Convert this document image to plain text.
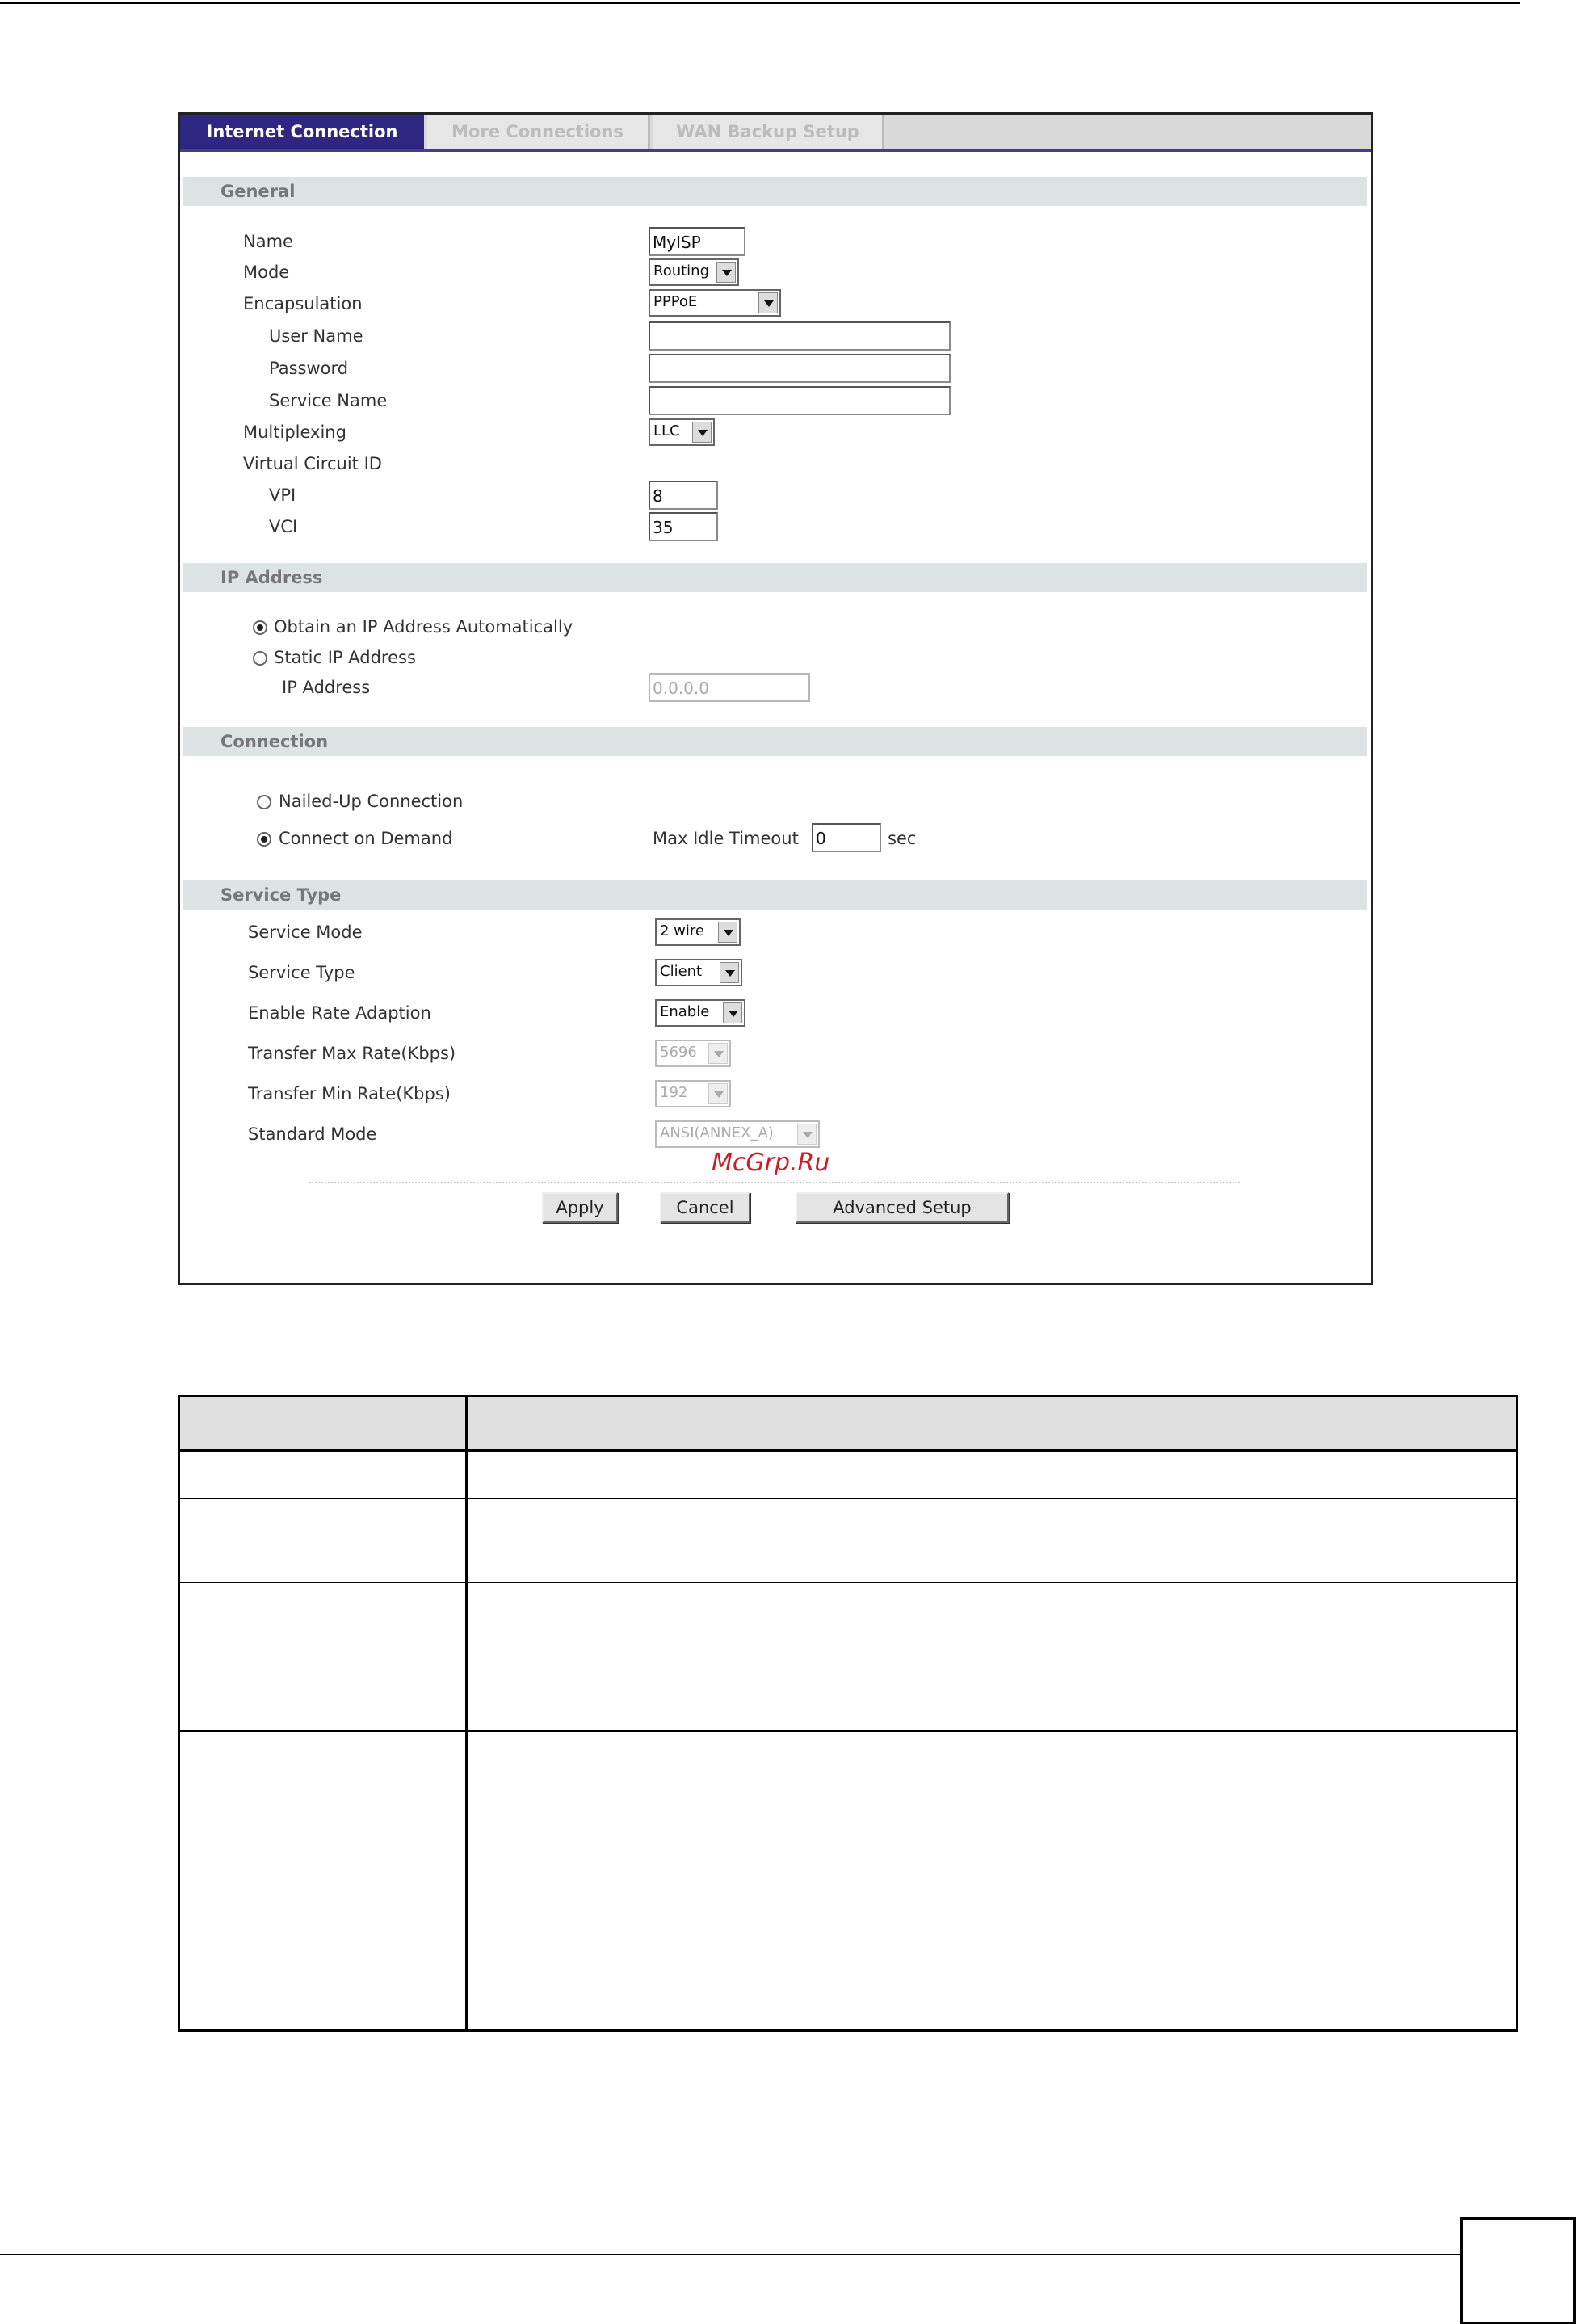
Internet Connection	More Connections	WAN Backup Setup
General
Name	MyISP
Mode	Routing
Encapsulation	PPPoE
User Name
Password
Service Name
Multiplexing	LLC
Virtual Circuit ID
VPI	8
VCI	35
IP Address
Obtain an IP Address Automatically
Static IP Address
IP Address	0.0.0.0
Connection
Nailed-Up Connection
Connect on Demand	Max Idle Timeout 0	sec
Service Type
Service Mode	2 wire
Service Type	Client
Enable Rate Adaption	Enable
Transfer Max Rate(Kbps)	5696
Transfer Min Rate(Kbps)	192
Standard Mode	ANSI(ANNEX_A)
McGrp.Ru
Apply	Cancel	Advanced Setup
